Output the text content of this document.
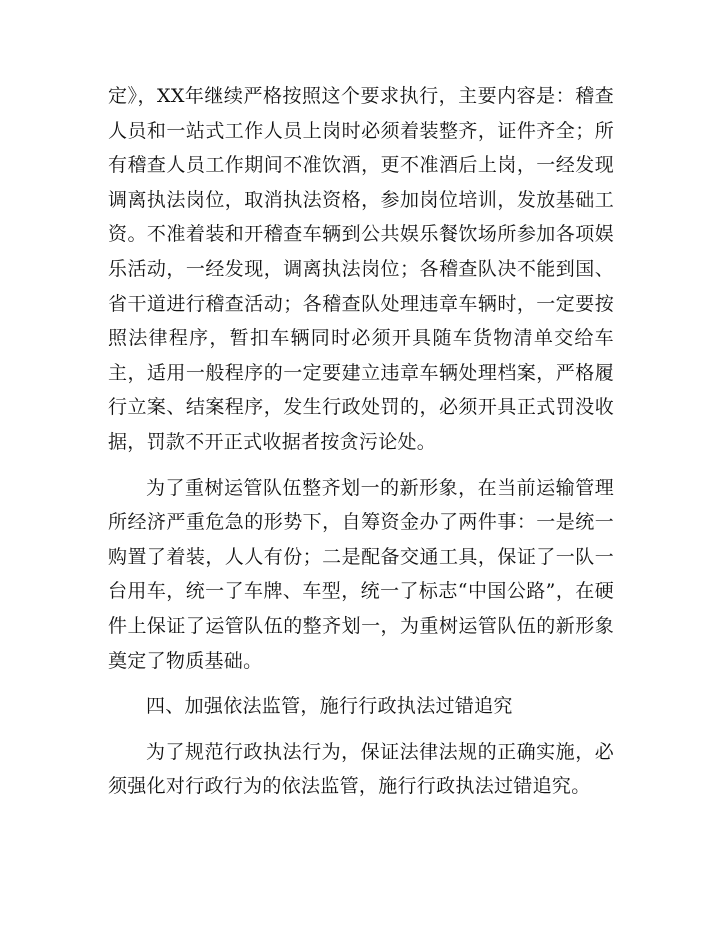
定》，XX年继续严格按照这个要求执行，主要内容是：稽查人员和一站式工作人员上岗时必须着装整齐，证件齐全；所有稽查人员工作期间不准饮酒，更不准酒后上岗，一经发现调离执法岗位，取消执法资格，参加岗位培训，发放基础工资。不准着装和开稽查车辆到公共娱乐餐饮场所参加各项娱乐活动，一经发现，调离执法岗位；各稽查队决不能到国、省干道进行稽查活动；各稽查队处理违章车辆时，一定要按照法律程序，暂扣车辆同时必须开具随车货物清单交给车主，适用一般程序的一定要建立违章车辆处理档案，严格履行立案、结案程序，发生行政处罚的，必须开具正式罚没收据，罚款不开正式收据者按贪污论处。

为了重树运管队伍整齐划一的新形象，在当前运输管理所经济严重危急的形势下，自筹资金办了两件事：一是统一购置了着装，人人有份；二是配备交通工具，保证了一队一台用车，统一了车牌、车型，统一了标志“中国公路”，在硬件上保证了运管队伍的整齐划一，为重树运管队伍的新形象奠定了物质基础。

四、加强依法监管，施行行政执法过错追究

为了规范行政执法行为，保证法律法规的正确实施，必须强化对行政行为的依法监管，施行行政执法过错追究。
